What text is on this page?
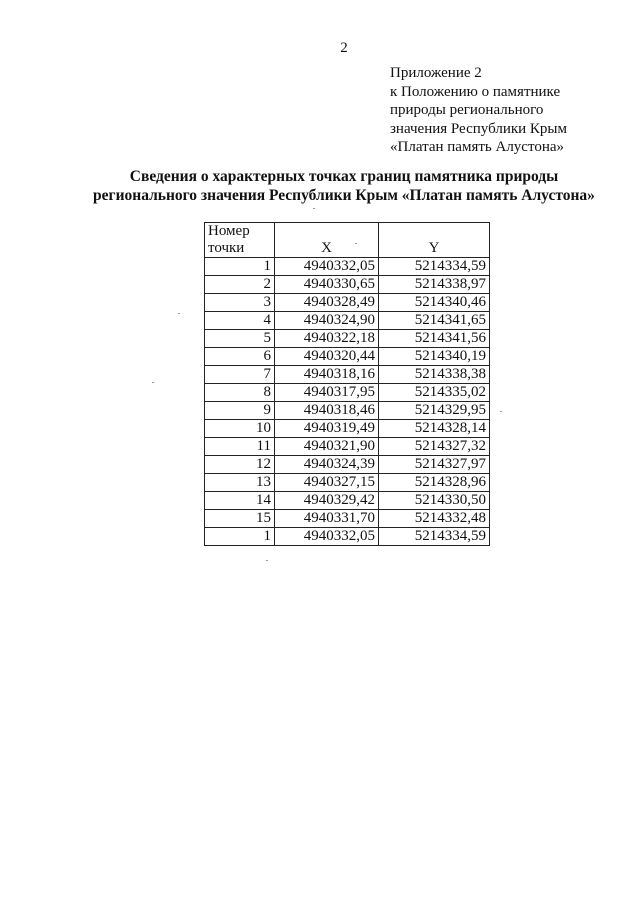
2
Приложение 2
к Положению о памятнике
природы регионального
значения Республики Крым
«Платан память Алустона»
Сведения о характерных точках границ памятника природы
регионального значения Республики Крым «Платан память Алустона»
Номер точки	X	Y
1	4940332,05	5214334,59
2	4940330,65	5214338,97
3	4940328,49	5214340,46
4	4940324,90	5214341,65
5	4940322,18	5214341,56
6	4940320,44	5214340,19
7	4940318,16	5214338,38
8	4940317,95	5214335,02
9	4940318,46	5214329,95
10	4940319,49	5214328,14
11	4940321,90	5214327,32
12	4940324,39	5214327,97
13	4940327,15	5214328,96
14	4940329,42	5214330,50
15	4940331,70	5214332,48
1	4940332,05	5214334,59
